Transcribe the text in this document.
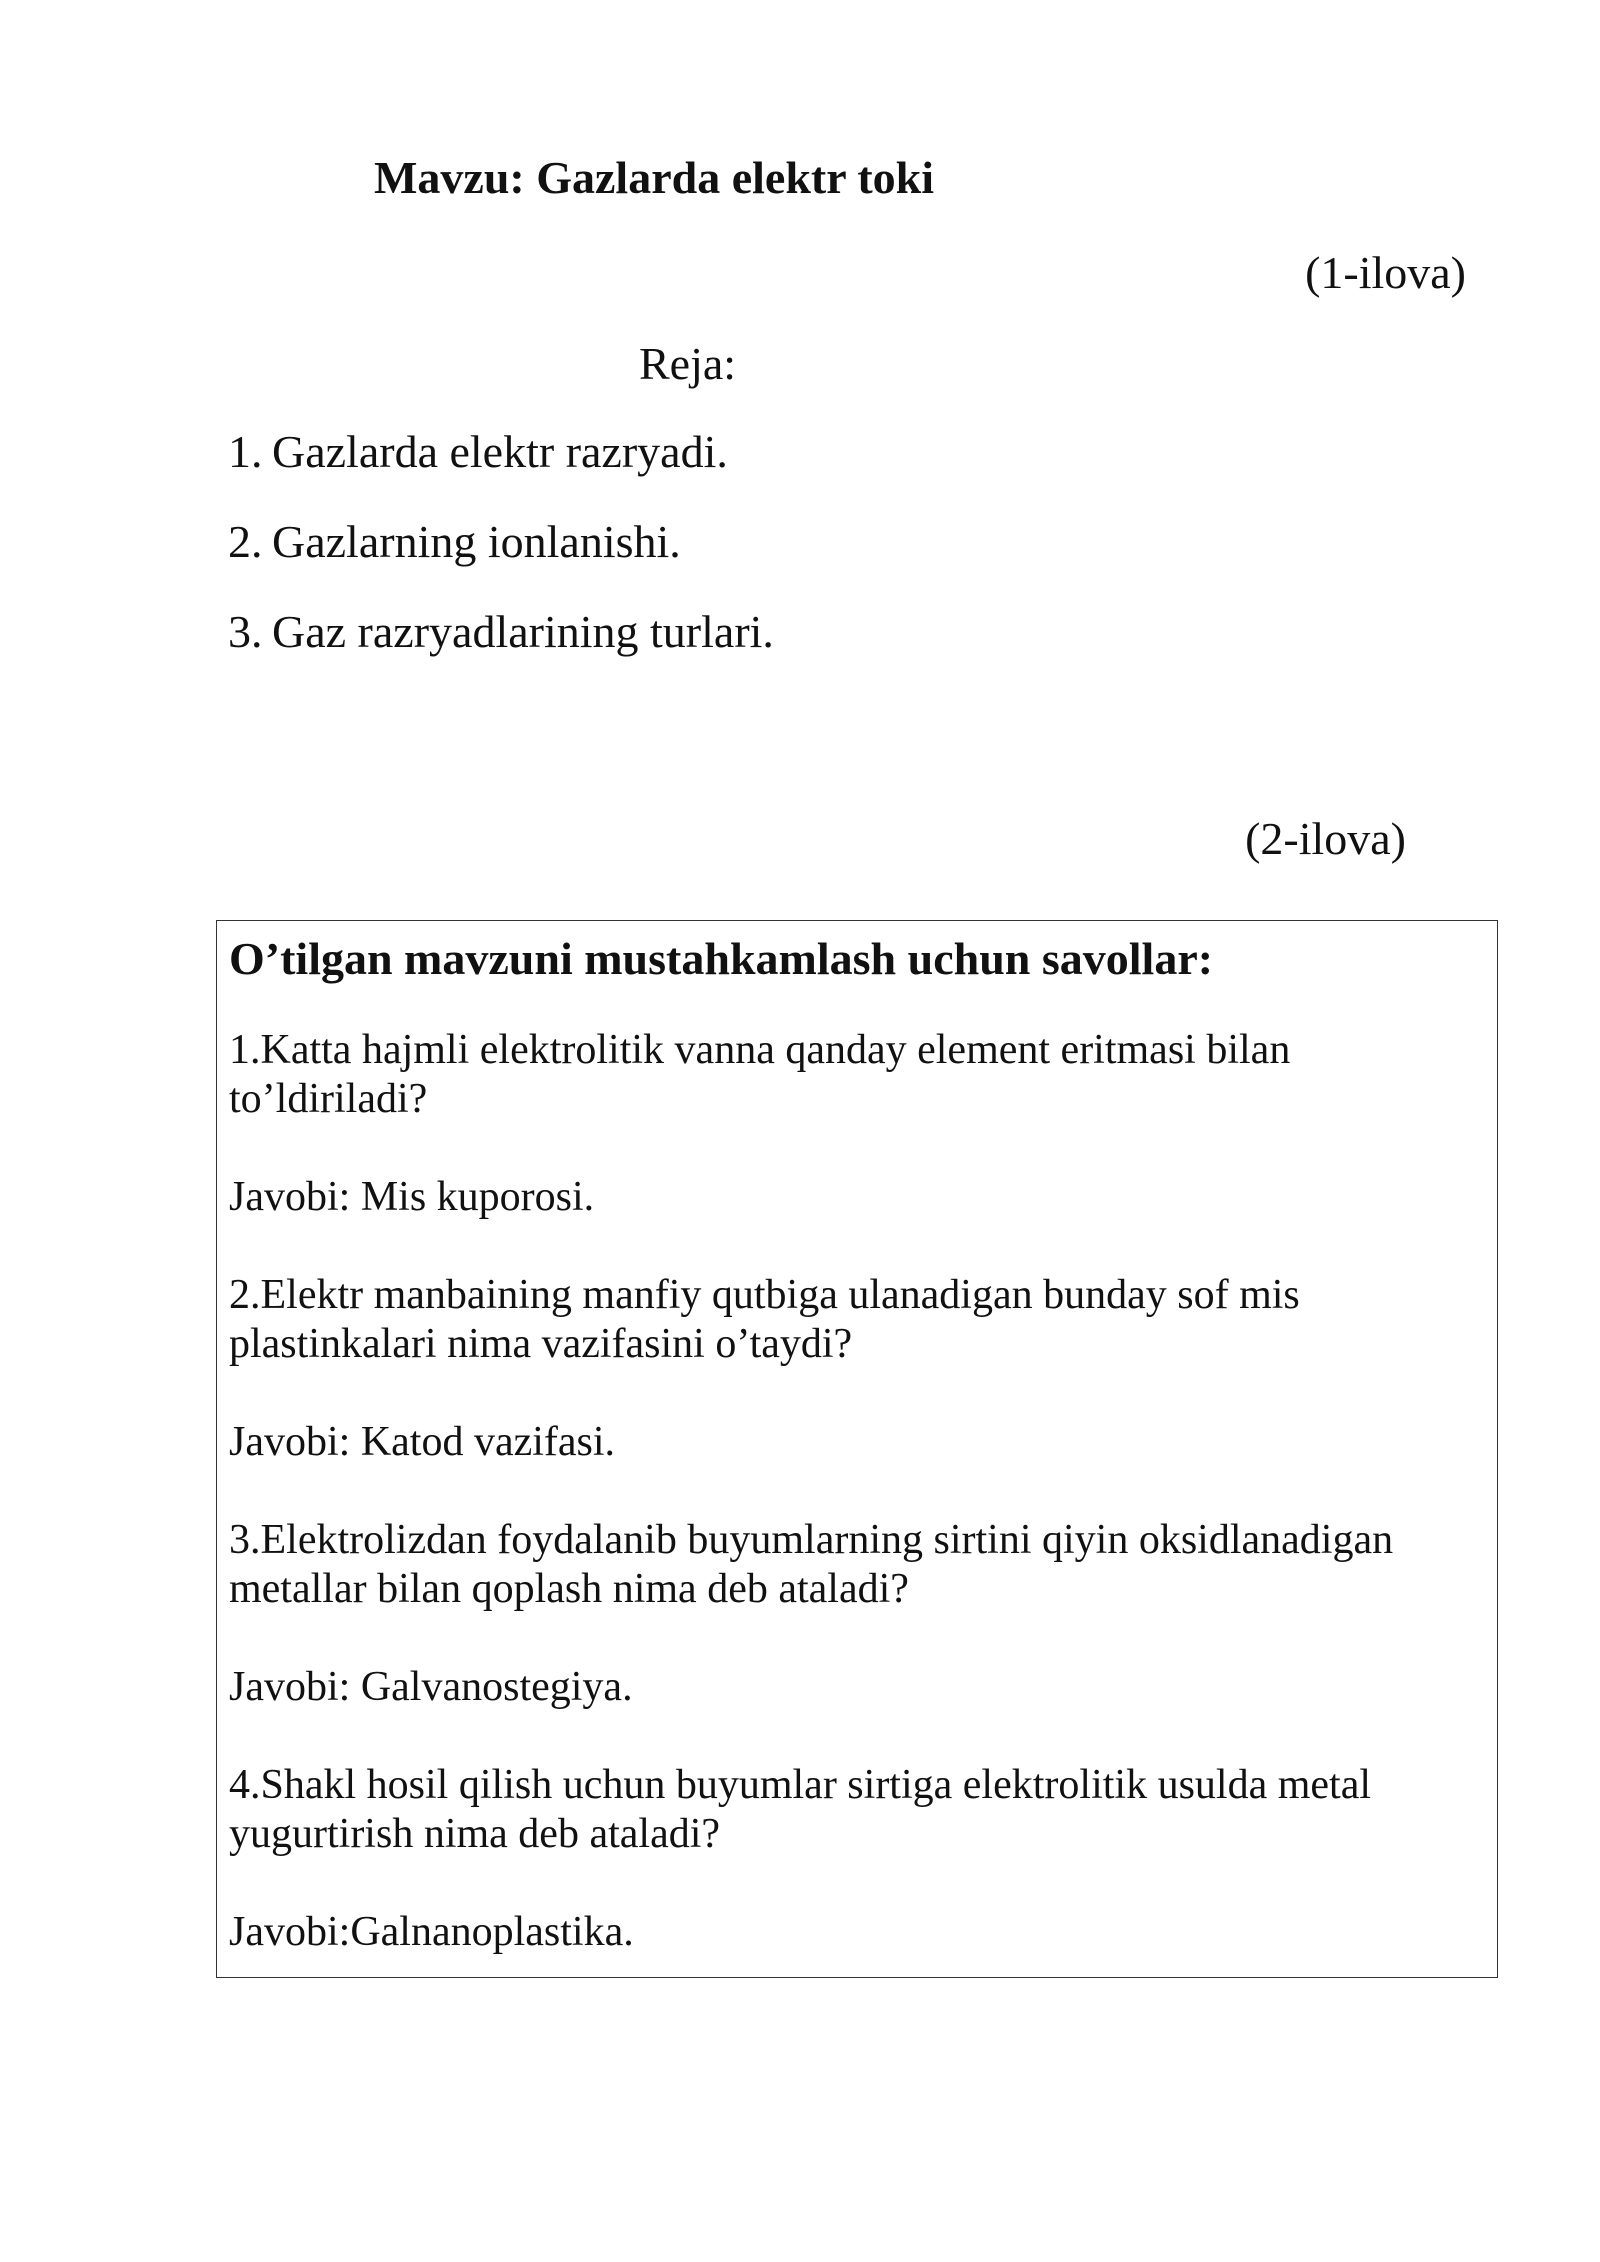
Mavzu: Gazlarda elektr toki
(1-ilova)
Reja:
1. Gazlarda elektr razryadi.
2. Gazlarning ionlanishi.
3. Gaz razryadlarining turlari.
(2-ilova)
O’tilgan mavzuni mustahkamlash uchun savollar:
1.Katta hajmli elektrolitik vanna qanday element eritmasi bilan to’ldiriladi?
Javobi: Mis kuporosi.
2.Elektr manbaining manfiy qutbiga ulanadigan bunday sof mis plastinkalari nima vazifasini o’taydi?
Javobi: Katod vazifasi.
3.Elektrolizdan foydalanib buyumlarning sirtini qiyin oksidlanadigan metallar bilan qoplash nima deb ataladi?
Javobi: Galvanostegiya.
4.Shakl hosil qilish uchun buyumlar sirtiga elektrolitik usulda metal yugurtirish nima deb ataladi?
Javobi:Galnanoplastika.
